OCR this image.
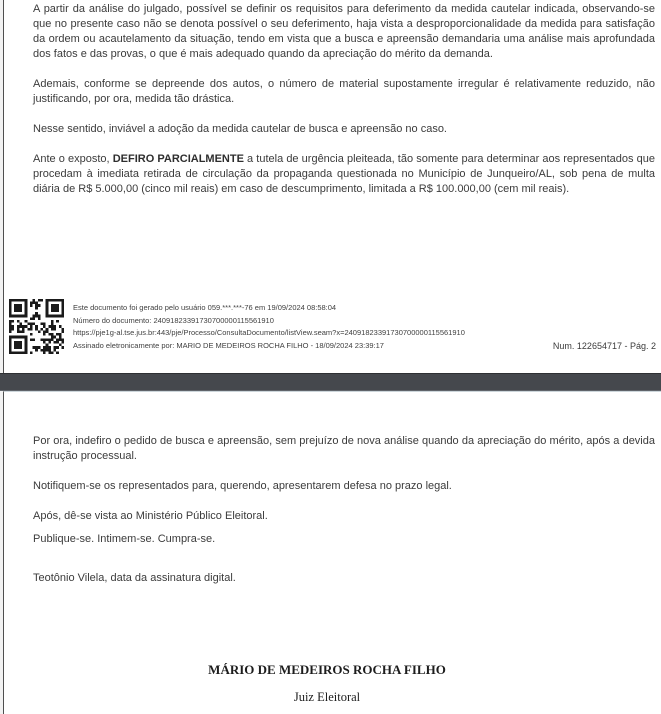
A partir da análise do julgado, possível se definir os requisitos para deferimento da medida cautelar indicada, observando-se que no presente caso não se denota possível o seu deferimento, haja vista a desproporcionalidade da medida para satisfação da ordem ou acautelamento da situação, tendo em vista que a busca e apreensão demandaria uma análise mais aprofundada dos fatos e das provas, o que é mais adequado quando da apreciação do mérito da demanda.

Ademais, conforme se depreende dos autos, o número de material supostamente irregular é relativamente reduzido, não justificando, por ora, medida tão drástica.

Nesse sentido, inviável a adoção da medida cautelar de busca e apreensão no caso.

Ante o exposto, DEFIRO PARCIALMENTE a tutela de urgência pleiteada, tão somente para determinar aos representados que procedam à imediata retirada de circulação da propaganda questionada no Município de Junqueiro/AL, sob pena de multa diária de R$ 5.000,00 (cinco mil reais) em caso de descumprimento, limitada a R$ 100.000,00 (cem mil reais).

Este documento foi gerado pelo usuário 059.***.***-76 em 19/09/2024 08:58:04
Número do documento: 24091823391730700000115561910
https://pje1g-al.tse.jus.br:443/pje/Processo/ConsultaDocumento/listView.seam?x=24091823391730700000115561910
Assinado eletronicamente por: MARIO DE MEDEIROS ROCHA FILHO - 18/09/2024 23:39:17	Num. 122654717 - Pág. 2

Por ora, indefiro o pedido de busca e apreensão, sem prejuízo de nova análise quando da apreciação do mérito, após a devida instrução processual.

Notifiquem-se os representados para, querendo, apresentarem defesa no prazo legal.

Após, dê-se vista ao Ministério Público Eleitoral.

Publique-se. Intimem-se. Cumpra-se.

Teotônio Vilela, data da assinatura digital.

MÁRIO DE MEDEIROS ROCHA FILHO
Juiz Eleitoral
